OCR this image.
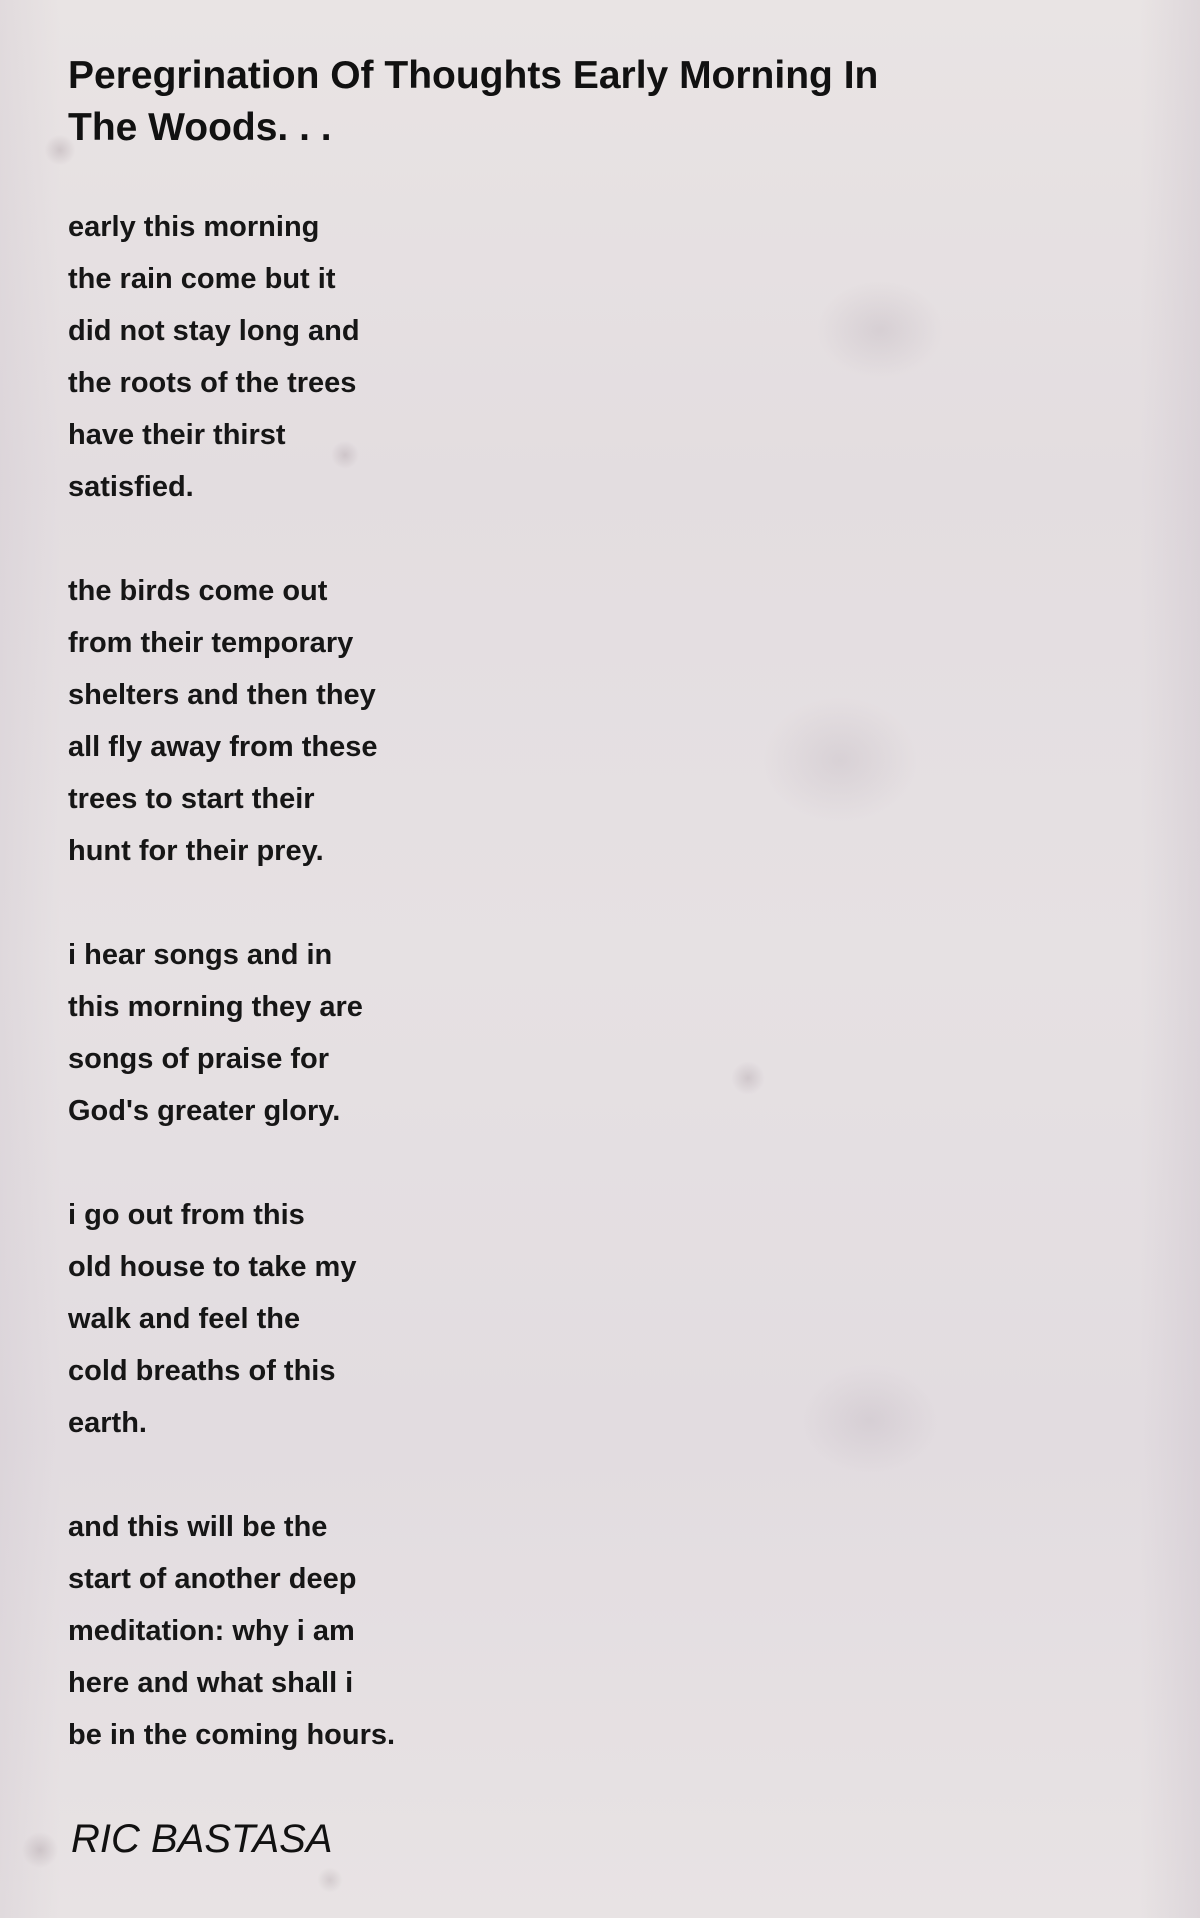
Peregrination Of Thoughts Early Morning In
The Woods. . .
early this morning
the rain come but it
did not stay long and
the roots of the trees
have their thirst
satisfied.
the birds come out
from their temporary
shelters and then they
all fly away from these
trees to start their
hunt for their prey.
i hear songs and in
this morning they are
songs of praise for
God's greater glory.
i go out from this
old house to take my
walk and feel the
cold breaths of this
earth.
and this will be the
start of another deep
meditation: why i am
here and what shall i
be in the coming hours.
RIC BASTASA
